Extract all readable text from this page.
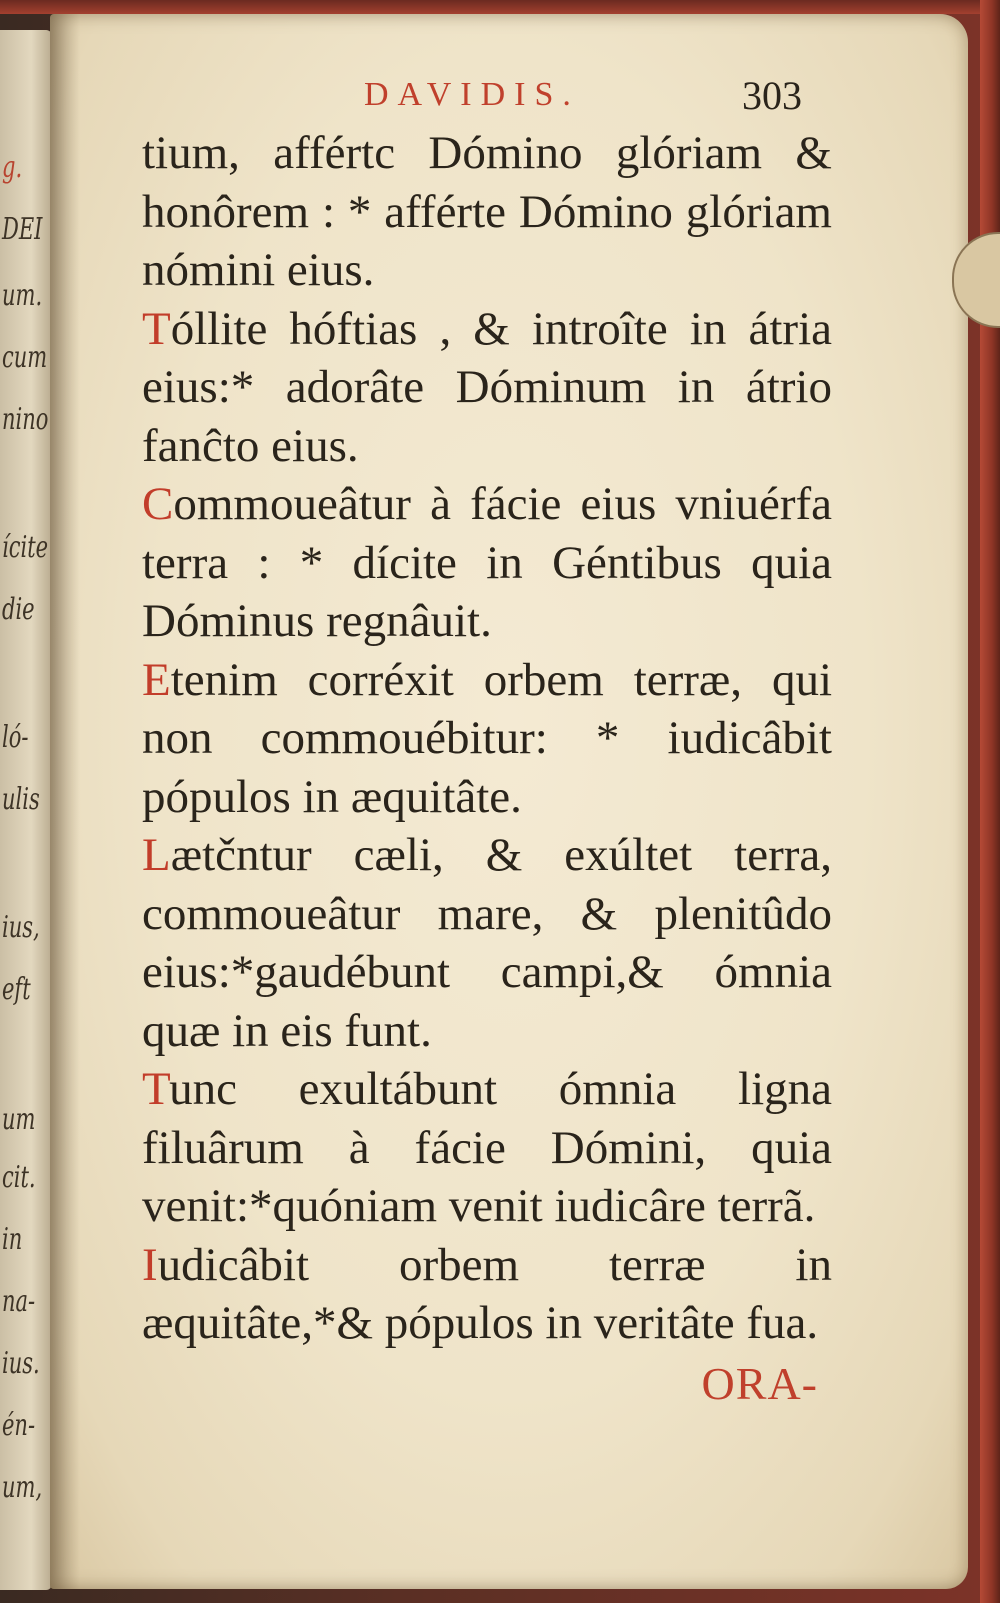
g.
DEI
um.
cum
nino
ícite
die
ló-
ulis
ius,
eft
um
cit.
in
na-
ius.
én-
um,
DAVIDIS.	303

tium, affértc Dómino glóriam & honôrem : * afférte Dómino glóriam nómini eius.

Tóllite hóftias , & introîte in átria eius:* adorâte Dóminum in átrio fanĉto eius.

Commoueâtur à fácie eius vniuérfa terra : * dícite in Géntibus quia Dóminus regnâuit.

Etenim corréxit orbem terræ, qui non commouébitur: * iudicâbit pópulos in æquitâte.

Lætčntur cæli, & exúltet terra, commoueâtur mare, & plenitûdo eius:*gaudébunt campi,& ómnia quæ in eis funt.

Tunc exultábunt ómnia ligna filuârum à fácie Dómini, quia venit:*quóniam venit iudicâre terrã.

Iudicâbit orbem terræ in æquitâte,*& pópulos in veritâte fua.

ORA-
